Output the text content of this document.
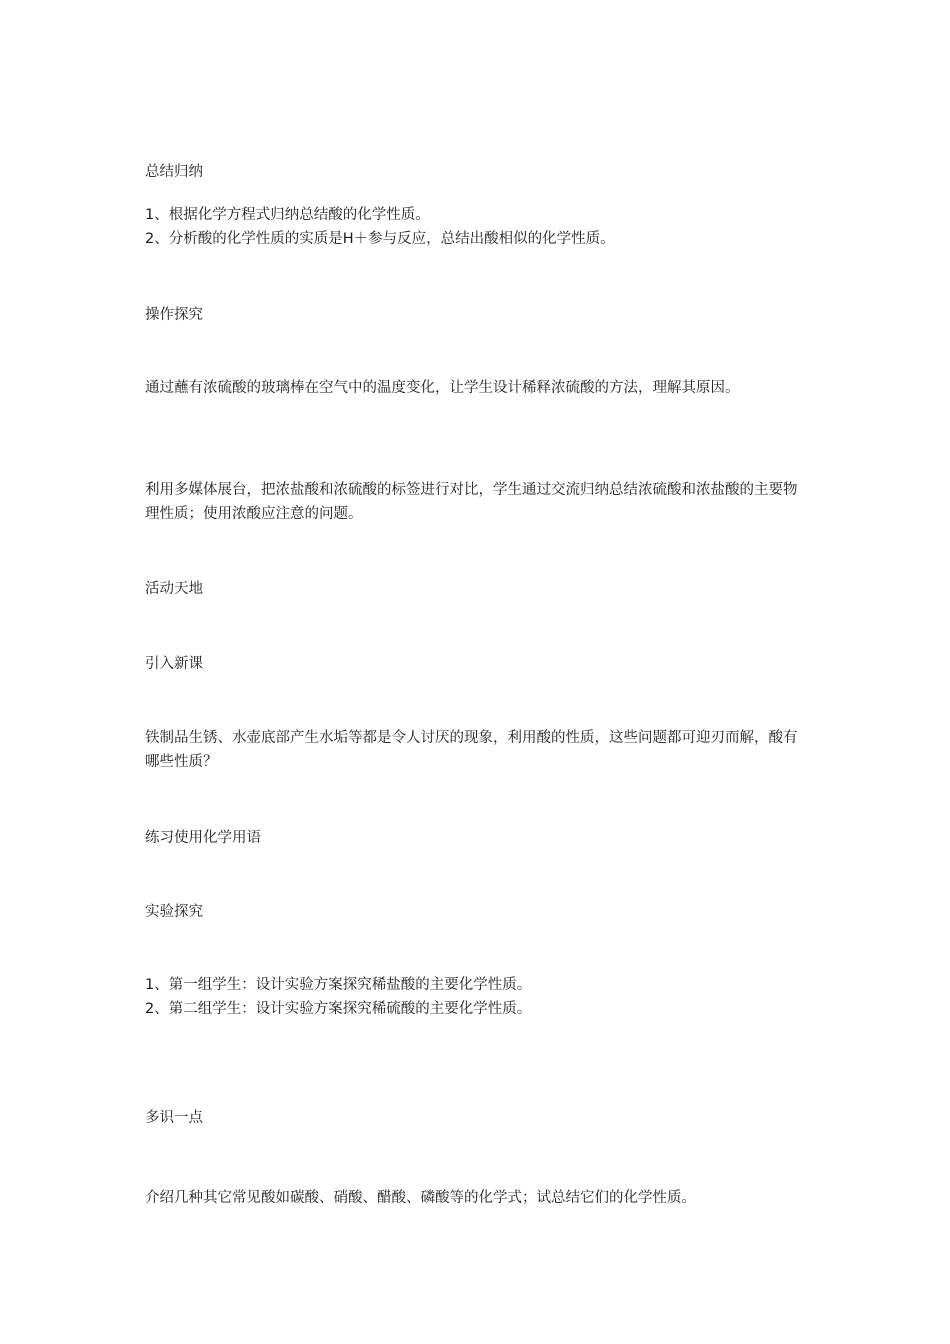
总结归纳

1、根据化学方程式归纳总结酸的化学性质。
2、分析酸的化学性质的实质是H＋参与反应，总结出酸相似的化学性质。

操作探究

通过蘸有浓硫酸的玻璃棒在空气中的温度变化，让学生设计稀释浓硫酸的方法，理解其原因。

利用多媒体展台，把浓盐酸和浓硫酸的标签进行对比，学生通过交流归纳总结浓硫酸和浓盐酸的主要物理性质；使用浓酸应注意的问题。

活动天地

引入新课

铁制品生锈、水壶底部产生水垢等都是令人讨厌的现象，利用酸的性质，这些问题都可迎刃而解，酸有哪些性质？

练习使用化学用语

实验探究

1、第一组学生：设计实验方案探究稀盐酸的主要化学性质。
2、第二组学生：设计实验方案探究稀硫酸的主要化学性质。

多识一点

介绍几种其它常见酸如碳酸、硝酸、醋酸、磷酸等的化学式；试总结它们的化学性质。
